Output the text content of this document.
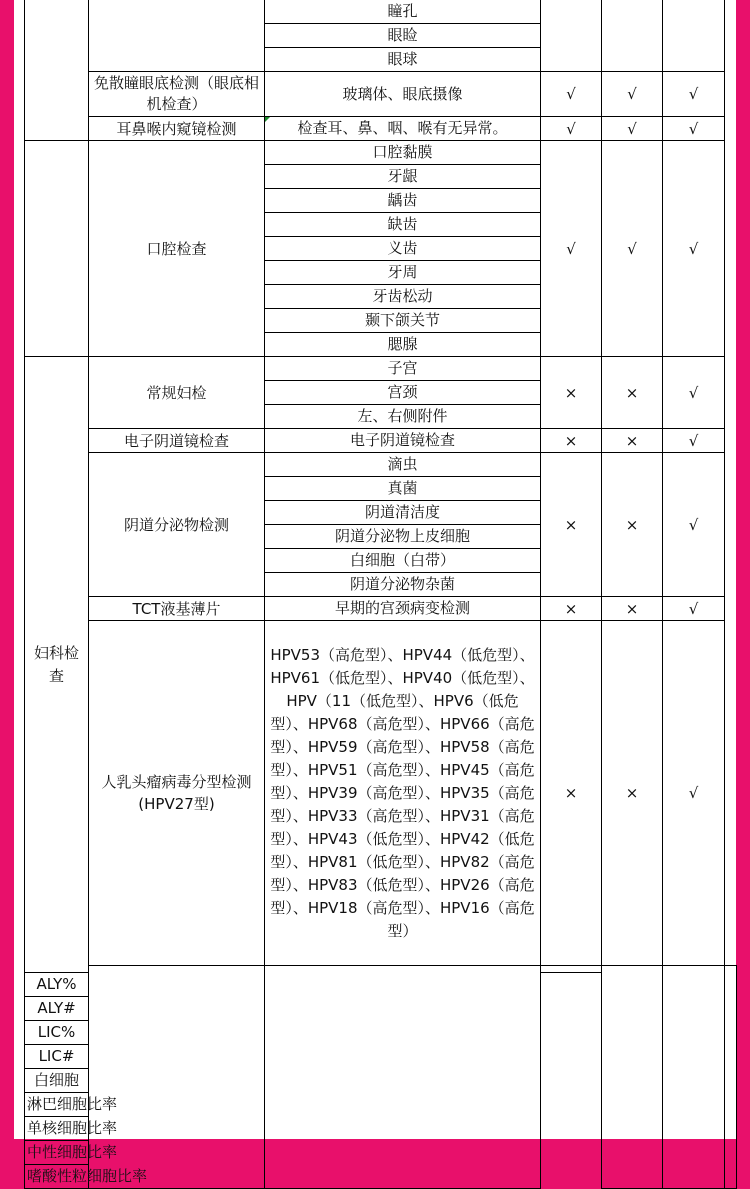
		瞳孔				
		眼睑				
		眼球				
	免散瞳眼底检测（眼底相机检查）	玻璃体、眼底摄像	√	√	√	
	耳鼻喉内窥镜检测	检查耳、鼻、咽、喉有无异常。	√	√	√	
	口腔检查	口腔黏膜	√	√	√	
		牙龈				
		龋齿				
		缺齿				
		义齿				
		牙周				
		牙齿松动				
		颞下颌关节				
		腮腺				
妇科检查	常规妇检	子宫	×	×	√	
		宫颈				
		左、右侧附件				
	电子阴道镜检查	电子阴道镜检查	×	×	√	
	阴道分泌物检测	滴虫	×	×	√	
		真菌				
		阴道清洁度				
		阴道分泌物上皮细胞				
		白细胞（白带）				
		阴道分泌物杂菌				
	TCT液基薄片	早期的宫颈病变检测	×	×	√	
	人乳头瘤病毒分型检测(HPV27型)	HPV53（高危型）、HPV44（低危型）、HPV61（低危型）、HPV40（低危型）、HPV（11（低危型）、HPV6（低危型）、HPV68（高危型）、HPV66（高危型）、HPV59（高危型）、HPV58（高危型）、HPV51（高危型）、HPV45（高危型）、HPV39（高危型）、HPV35（高危型）、HPV33（高危型）、HPV31（高危型）、HPV43（低危型）、HPV42（低危型）、HPV81（低危型）、HPV82（高危型）、HPV83（低危型）、HPV26（高危型）、HPV18（高危型）、HPV16（高危型）	×	×	√	

ALY%						
ALY#						
LIC%						
LIC#						
白细胞						
淋巴细胞比率						
单核细胞比率						
中性细胞比率						
嗜酸性粒细胞比率						
